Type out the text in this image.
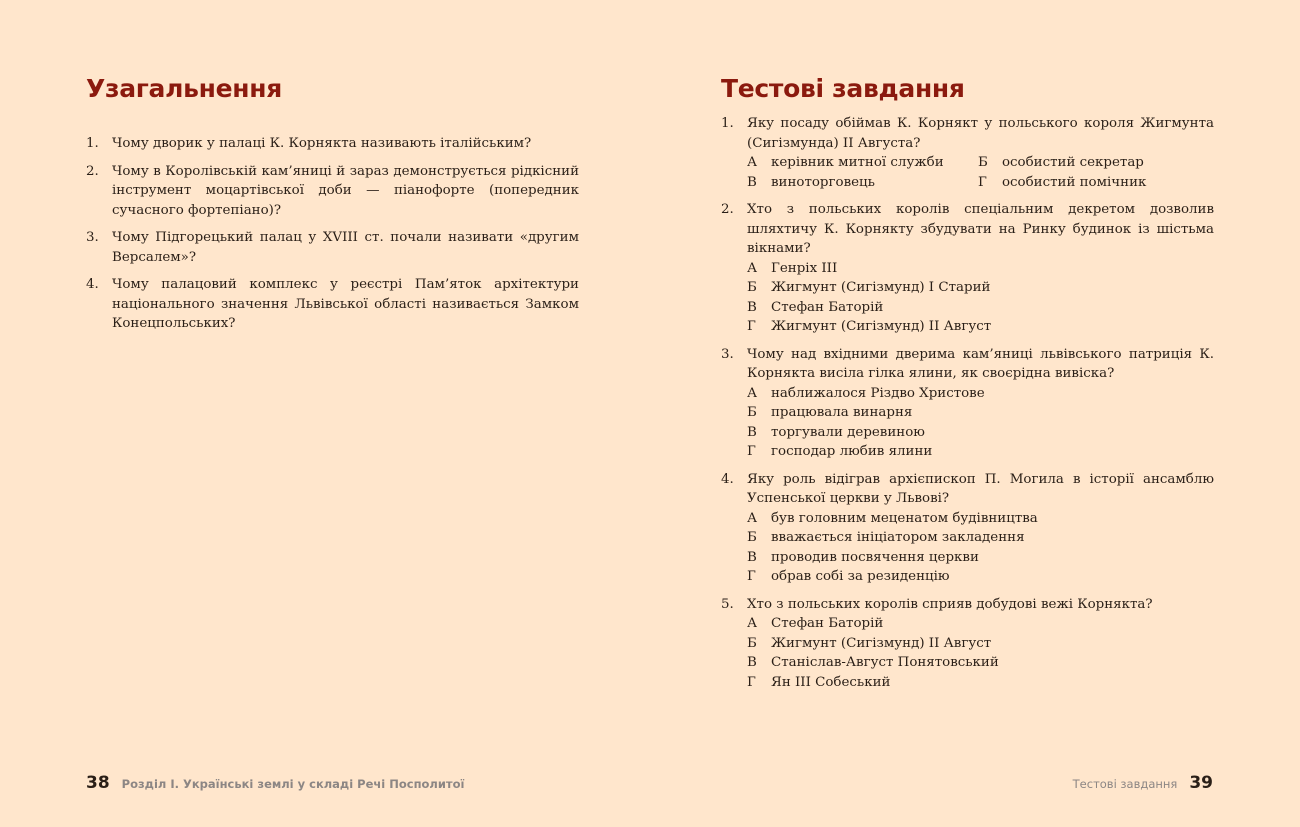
Узагальнення
1. Чому дворик у палаці К. Корнякта називають італійським?
2. Чому в Королівській кам’яниці й зараз демонструється рідкісний інструмент моцартівської доби — піанофорте (попередник сучасного фортепіано)?
3. Чому Підгорецький палац у XVIII ст. почали називати «другим Версалем»?
4. Чому палацовий комплекс у реєстрі Пам’яток архітектури національного значення Львівської області називається Замком Конецпольських?
38 Розділ І. Українські землі у складі Речі Посполитої
Тестові завдання
1. Яку посаду обіймав К. Корнякт у польського короля Жигмунта (Сигізмунда) ІІ Августа?
А	керівник митної служби	Б	особистий секретар
В	виноторговець	Г	особистий помічник
2. Хто з польських королів спеціальним декретом дозволив шляхтичу К. Корнякту збудувати на Ринку будинок із шістьма вікнами?
А	Генріх ІІІ
Б	Жигмунт (Сигізмунд) І Старий
В	Стефан Баторій
Г	Жигмунт (Сигізмунд) ІІ Август
3. Чому над вхідними дверима кам’яниці львівського патриція К. Корнякта висіла гілка ялини, як своєрідна вивіска?
А	наближалося Різдво Христове
Б	працювала винарня
В	торгували деревиною
Г	господар любив ялини
4. Яку роль відіграв архієпископ П. Могила в історії ансамблю Успенської церкви у Львові?
А	був головним меценатом будівництва
Б	вважається ініціатором закладення
В	проводив посвячення церкви
Г	обрав собі за резиденцію
5. Хто з польських королів сприяв добудові вежі Корнякта?
А	Стефан Баторій
Б	Жигмунт (Сигізмунд) ІІ Август
В	Станіслав-Август Понятовський
Г	Ян ІІІ Собеський
Тестові завдання 39
